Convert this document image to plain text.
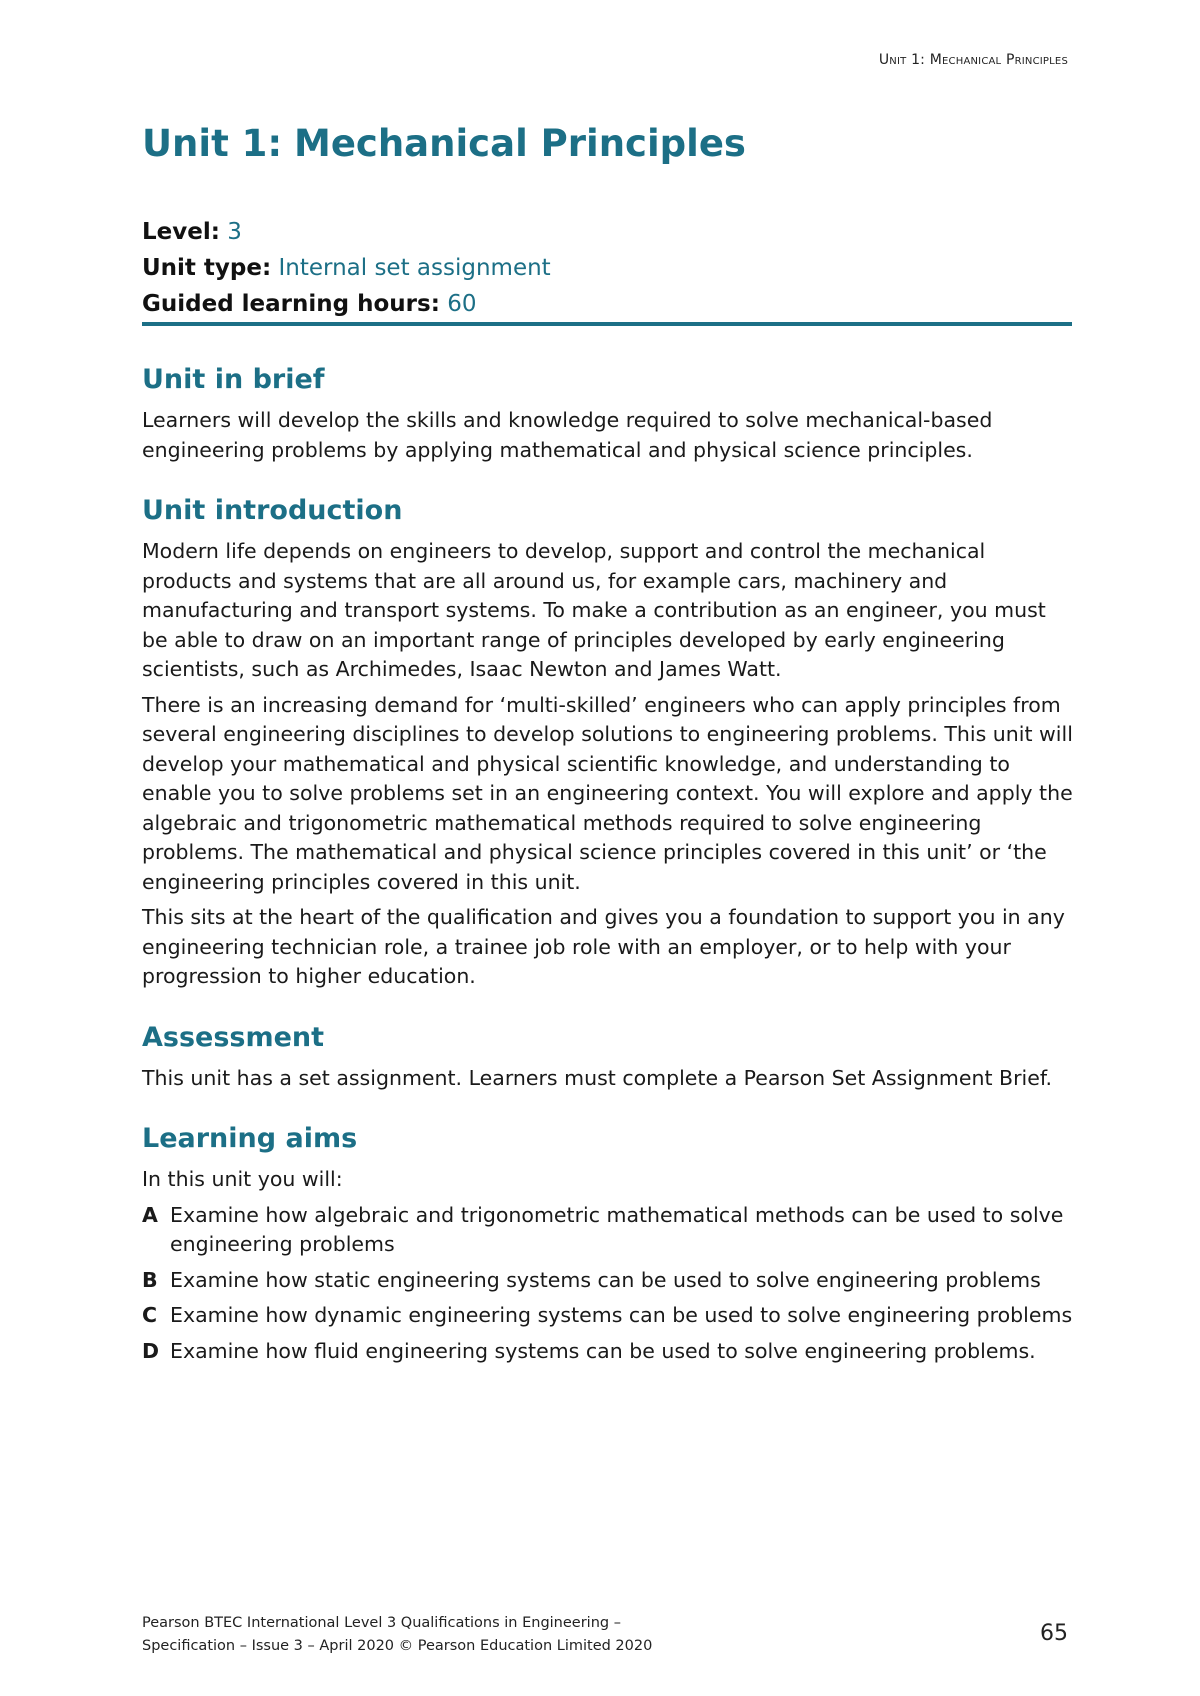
Unit 1: Mechanical Principles
Unit 1: Mechanical Principles
Level: 3
Unit type: Internal set assignment
Guided learning hours: 60
Unit in brief

Learners will develop the skills and knowledge required to solve mechanical-based engineering problems by applying mathematical and physical science principles.

Unit introduction

Modern life depends on engineers to develop, support and control the mechanical products and systems that are all around us, for example cars, machinery and manufacturing and transport systems. To make a contribution as an engineer, you must be able to draw on an important range of principles developed by early engineering scientists, such as Archimedes, Isaac Newton and James Watt.

There is an increasing demand for ‘multi-skilled’ engineers who can apply principles from several engineering disciplines to develop solutions to engineering problems. This unit will develop your mathematical and physical scientific knowledge, and understanding to enable you to solve problems set in an engineering context. You will explore and apply the algebraic and trigonometric mathematical methods required to solve engineering problems. The mathematical and physical science principles covered in this unit’ or ‘the engineering principles covered in this unit.

This sits at the heart of the qualification and gives you a foundation to support you in any engineering technician role, a trainee job role with an employer, or to help with your progression to higher education.

Assessment

This unit has a set assignment. Learners must complete a Pearson Set Assignment Brief.

Learning aims

In this unit you will:

A Examine how algebraic and trigonometric mathematical methods can be used to solve engineering problems
B Examine how static engineering systems can be used to solve engineering problems
C Examine how dynamic engineering systems can be used to solve engineering problems
D Examine how fluid engineering systems can be used to solve engineering problems.
Pearson BTEC International Level 3 Qualifications in Engineering –
Specification – Issue 3 – April 2020 © Pearson Education Limited 2020	65
